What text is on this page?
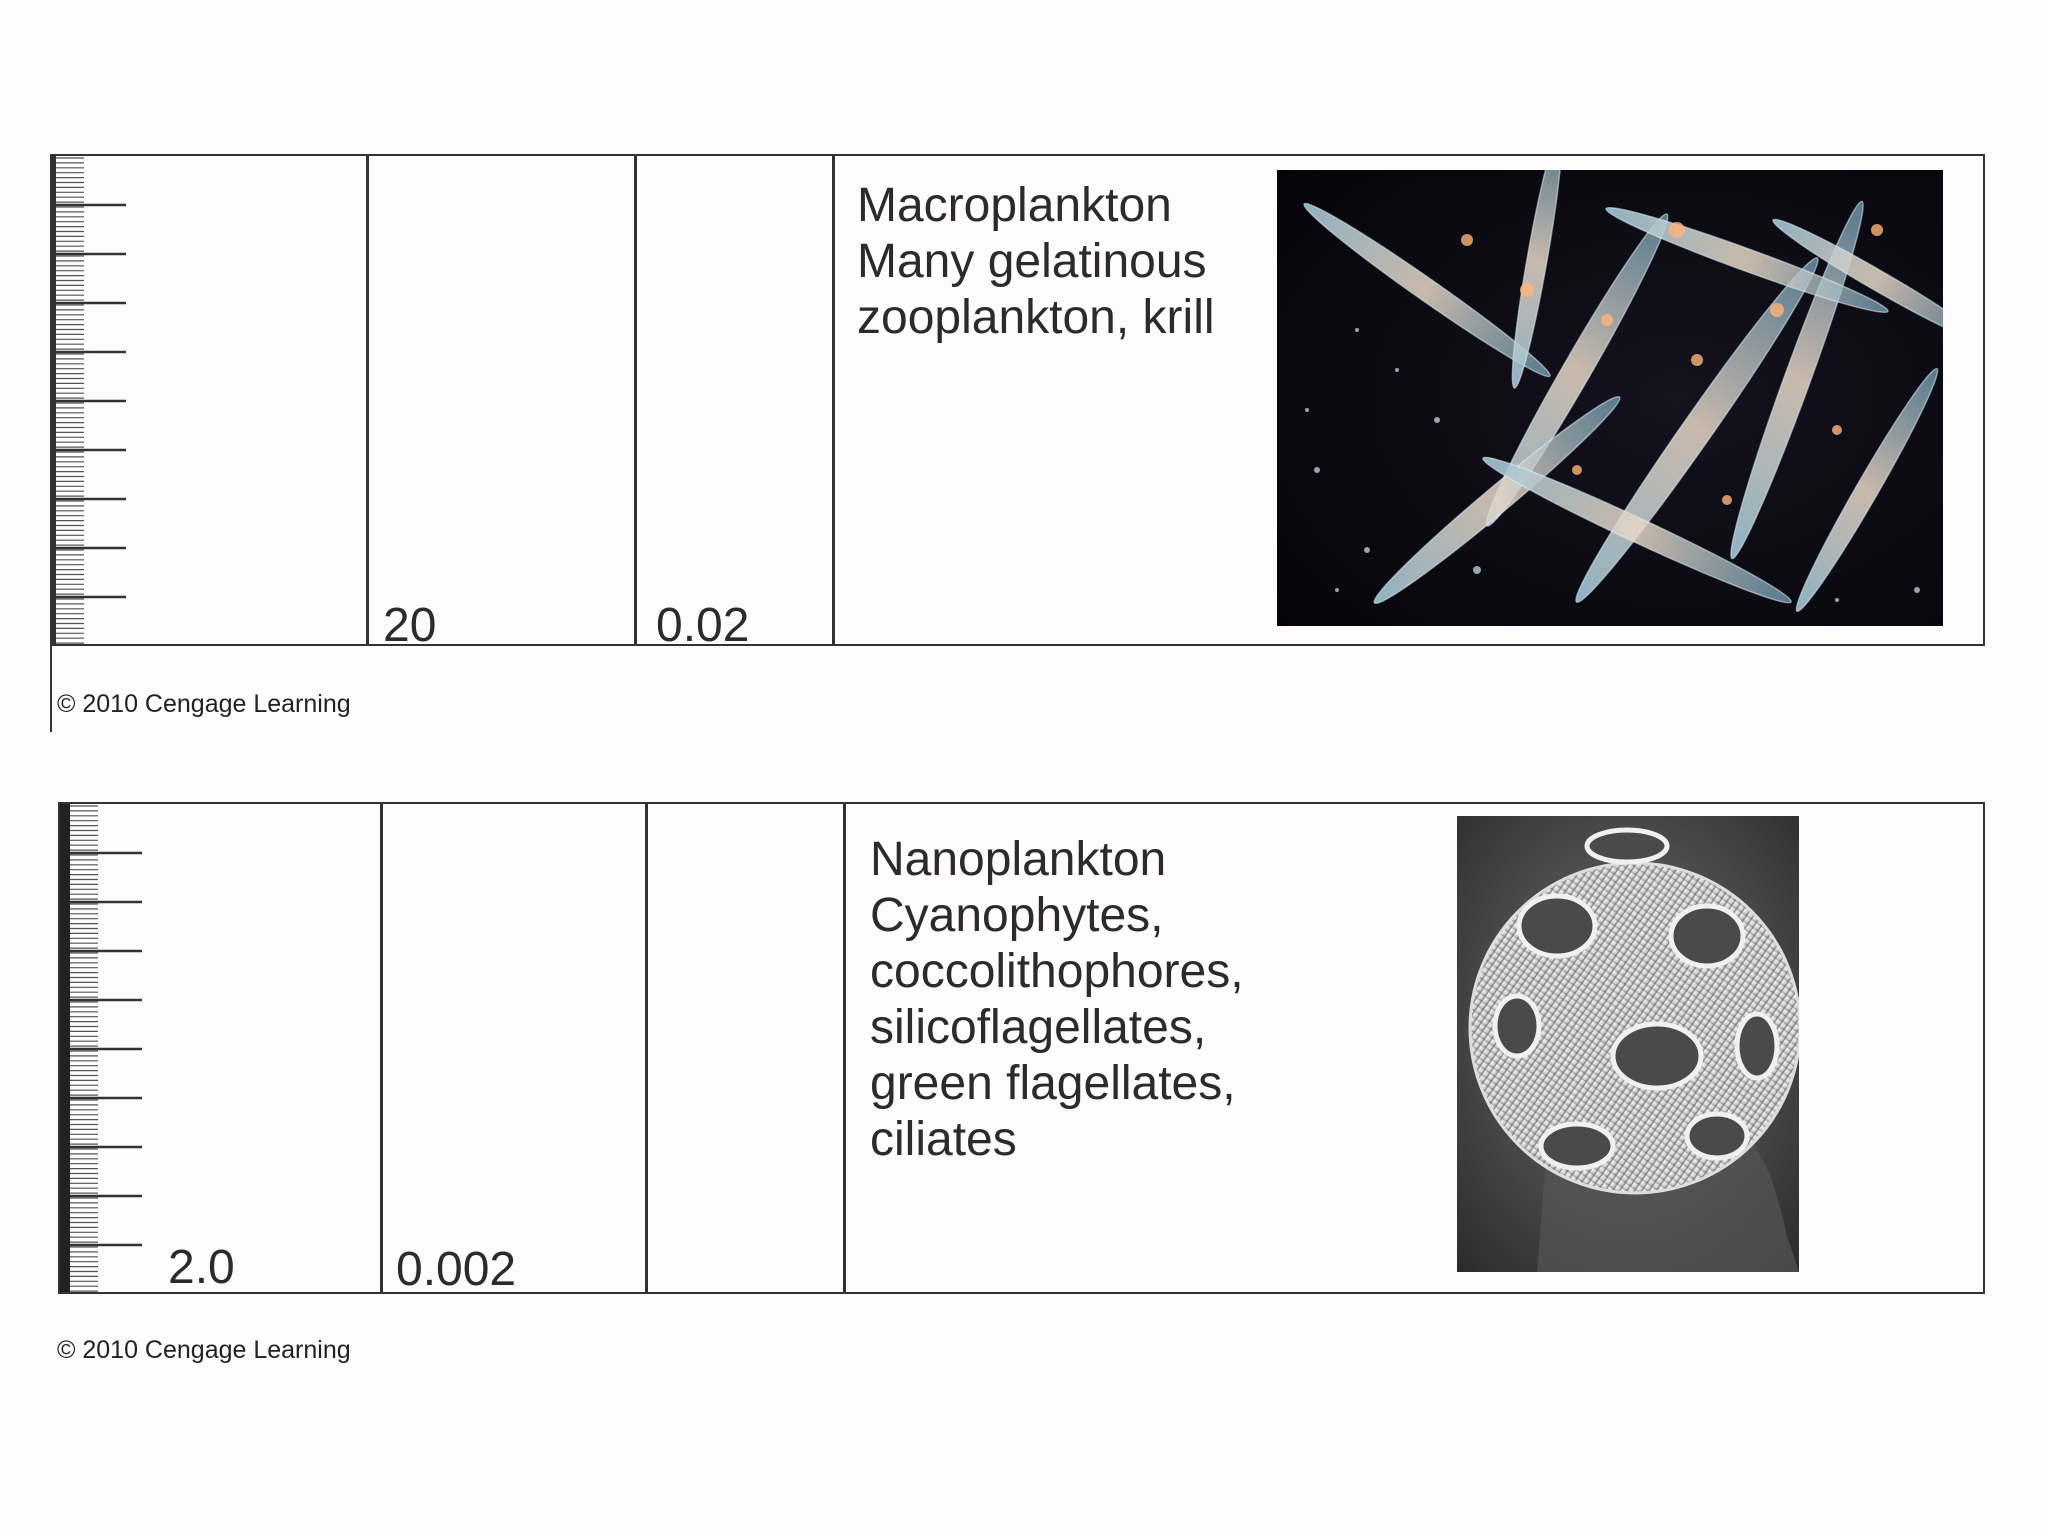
20	0.02
Macroplankton
Many gelatinous
zooplankton, krill
© 2010 Cengage Learning
2.0	0.002
Nanoplankton
Cyanophytes,
coccolithophores,
silicoflagellates,
green flagellates,
ciliates
© 2010 Cengage Learning
